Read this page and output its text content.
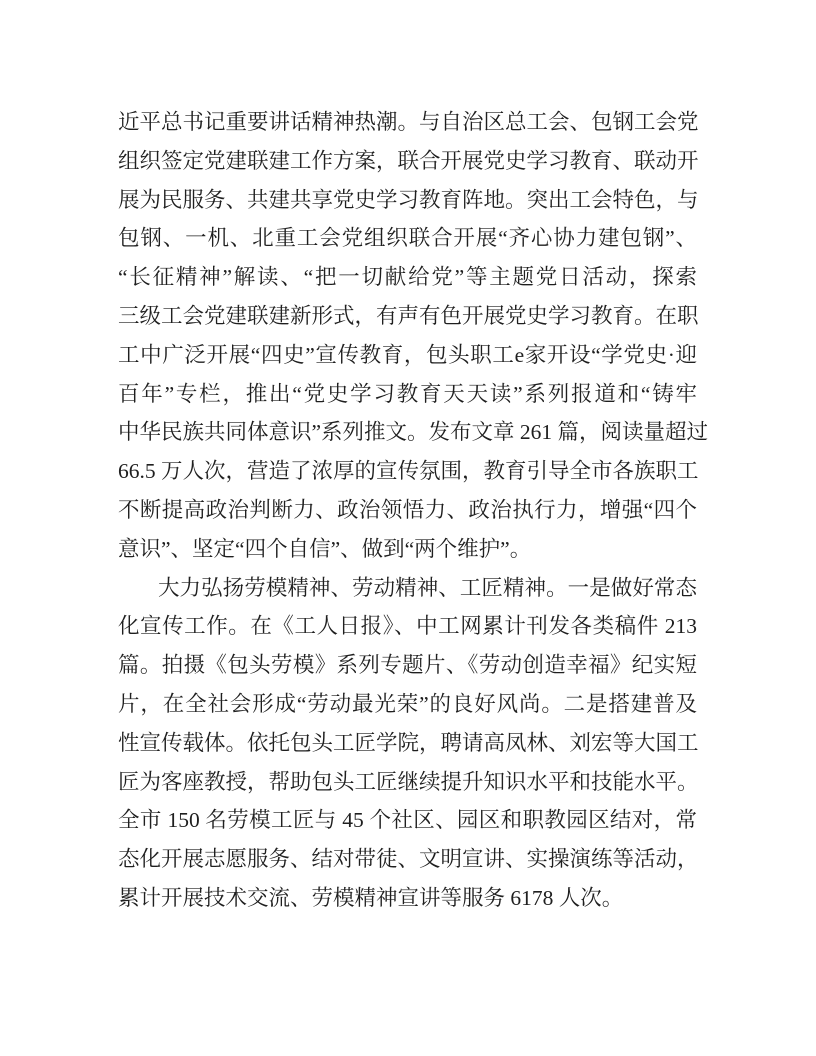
近平总书记重要讲话精神热潮。与自治区总工会、包钢工会党
组织签定党建联建工作方案，联合开展党史学习教育、联动开
展为民服务、共建共享党史学习教育阵地。突出工会特色，与
包钢、一机、北重工会党组织联合开展“齐心协力建包钢”、
“长征精神”解读、“把一切献给党”等主题党日活动，探索
三级工会党建联建新形式，有声有色开展党史学习教育。在职
工中广泛开展“四史”宣传教育，包头职工e家开设“学党史·迎
百年”专栏，推出“党史学习教育天天读”系列报道和“铸牢
中华民族共同体意识”系列推文。发布文章 261 篇，阅读量超过
66.5 万人次，营造了浓厚的宣传氛围，教育引导全市各族职工
不断提高政治判断力、政治领悟力、政治执行力，增强“四个
意识”、坚定“四个自信”、做到“两个维护”。
大力弘扬劳模精神、劳动精神、工匠精神。一是做好常态
化宣传工作。在《工人日报》、中工网累计刊发各类稿件 213
篇。拍摄《包头劳模》系列专题片、《劳动创造幸福》纪实短
片，在全社会形成“劳动最光荣”的良好风尚。二是搭建普及
性宣传载体。依托包头工匠学院，聘请高凤林、刘宏等大国工
匠为客座教授，帮助包头工匠继续提升知识水平和技能水平。
全市 150 名劳模工匠与 45 个社区、园区和职教园区结对，常
态化开展志愿服务、结对带徒、文明宣讲、实操演练等活动，
累计开展技术交流、劳模精神宣讲等服务 6178 人次。
